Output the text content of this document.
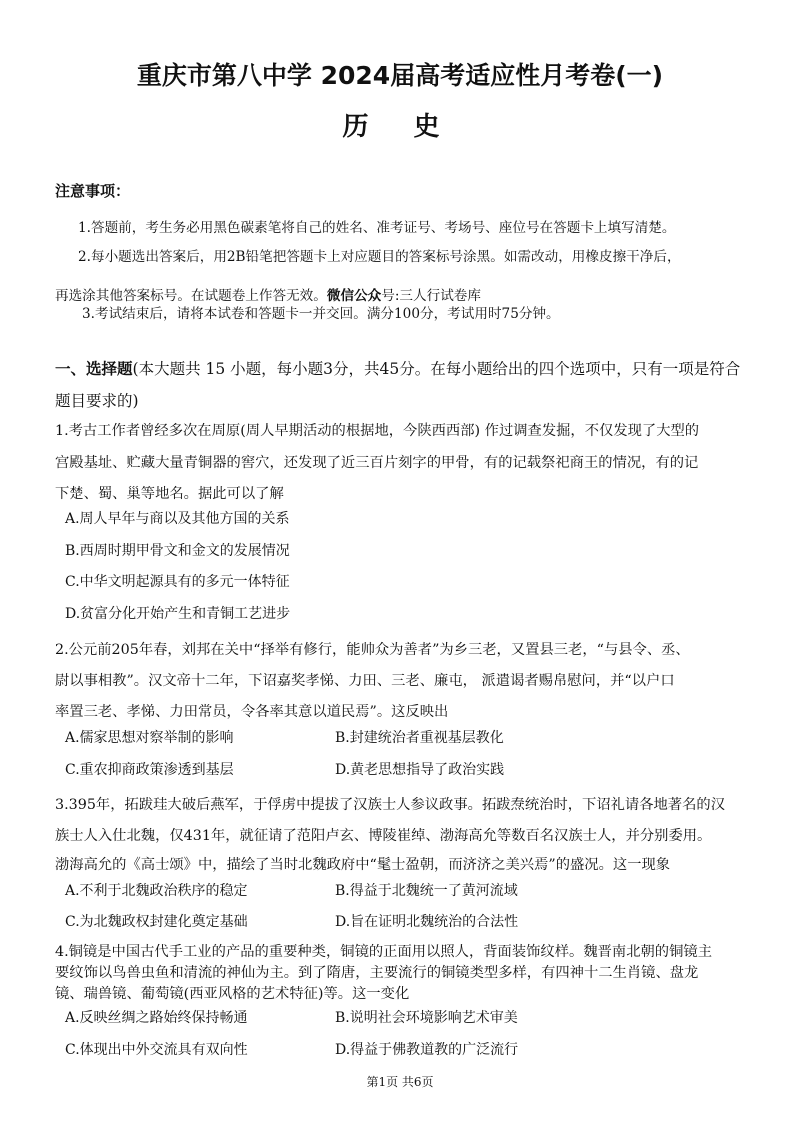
重庆市第八中学 2024届高考适应性月考卷(一)
历 史
注意事项：
1.答题前，考生务必用黑色碳素笔将自己的姓名、准考证号、考场号、座位号在答题卡上填写清楚。
2.每小题选出答案后，用2B铅笔把答题卡上对应题目的答案标号涂黑。如需改动，用橡皮擦干净后，
再选涂其他答案标号。在试题卷上作答无效。微信公众号:三人行试卷库
3.考试结束后，请将本试卷和答题卡一并交回。满分100分，考试用时75分钟。
一、选择题(本大题共 15 小题，每小题3分，共45分。在每小题给出的四个选项中，只有一项是符合题目要求的)
1.考古工作者曾经多次在周原(周人早期活动的根据地，今陕西西部) 作过调查发掘，不仅发现了大型的
宫殿基址、贮藏大量青铜器的窖穴，还发现了近三百片刻字的甲骨，有的记载祭祀商王的情况，有的记
下楚、蜀、巢等地名。据此可以了解
A.周人早年与商以及其他方国的关系
B.西周时期甲骨文和金文的发展情况
C.中华文明起源具有的多元一体特征
D.贫富分化开始产生和青铜工艺进步
2.公元前205年春，刘邦在关中“择举有修行，能帅众为善者”为乡三老，又置县三老，“与县令、丞、
尉以事相教”。汉文帝十二年，下诏嘉奖孝悌、力田、三老、廉屯， 派遣谒者赐帛慰问，并“以户口
率置三老、孝悌、力田常员，令各率其意以道民焉”。这反映出
A.儒家思想对察举制的影响	B.封建统治者重视基层教化
C.重农抑商政策渗透到基层	D.黄老思想指导了政治实践
3.395年，拓跋珪大破后燕军，于俘虏中提拔了汉族士人参议政事。拓跋焘统治时，下诏礼请各地著名的汉
族士人入仕北魏，仅431年，就征请了范阳卢玄、博陵崔绰、渤海高允等数百名汉族士人，并分别委用。
渤海高允的《高士颂》中，描绘了当时北魏政府中“髦士盈朝，而济济之美兴焉”的盛况。这一现象
A.不利于北魏政治秩序的稳定	B.得益于北魏统一了黄河流域
C.为北魏政权封建化奠定基础	D.旨在证明北魏统治的合法性
4.铜镜是中国古代手工业的产品的重要种类，铜镜的正面用以照人，背面装饰纹样。魏晋南北朝的铜镜主
要纹饰以鸟兽虫鱼和清流的神仙为主。到了隋唐，主要流行的铜镜类型多样，有四神十二生肖镜、盘龙
镜、瑞兽镜、葡萄镜(西亚风格的艺术特征)等。这一变化
A.反映丝绸之路始终保持畅通	B.说明社会环境影响艺术审美
C.体现出中外交流具有双向性	D.得益于佛教道教的广泛流行
第1页 共6页
